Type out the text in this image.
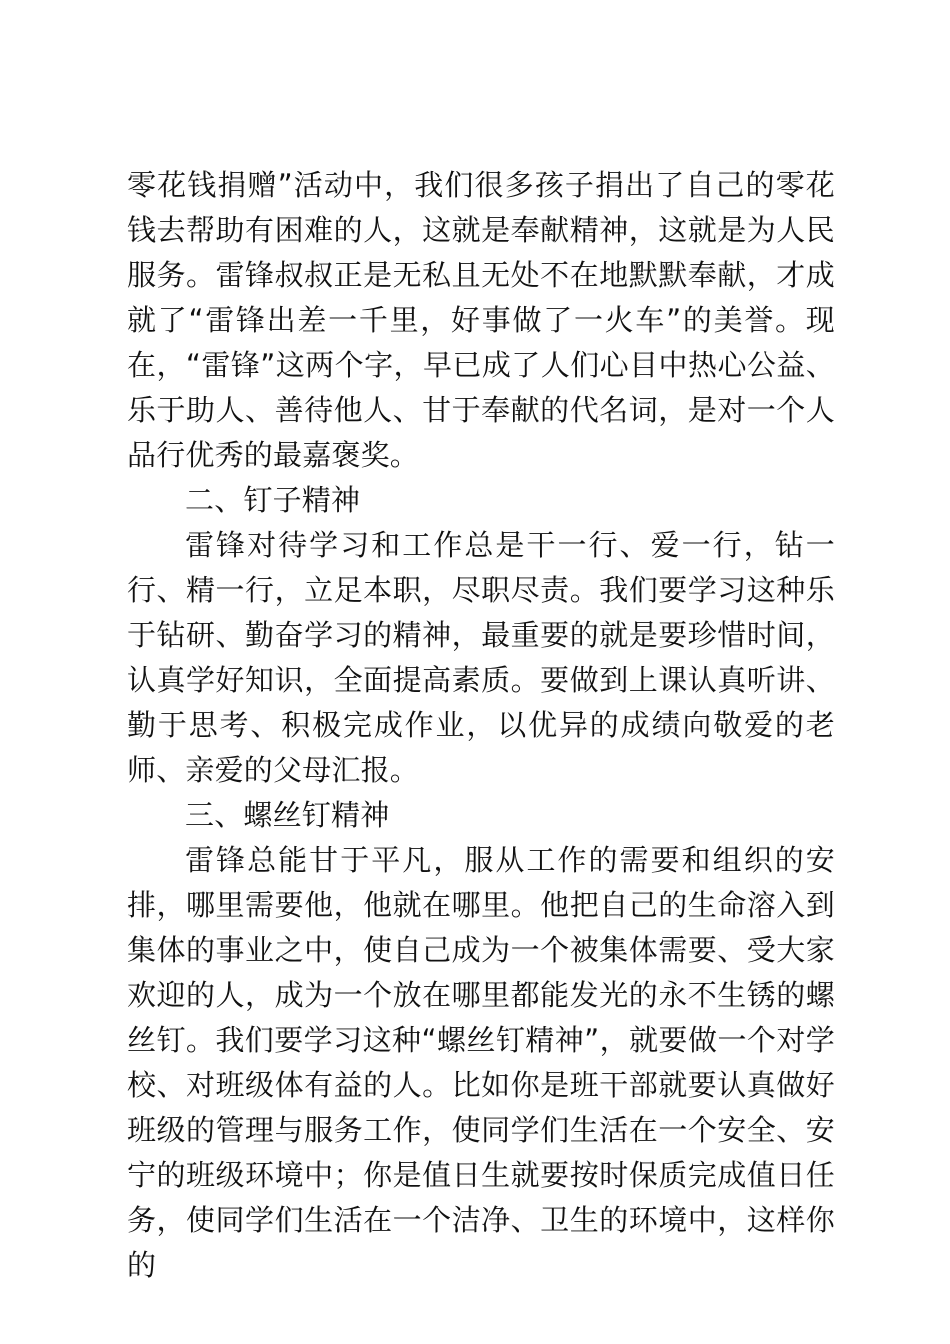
零花钱捐赠”活动中，我们很多孩子捐出了自己的零花钱去帮助有困难的人，这就是奉献精神，这就是为人民服务。雷锋叔叔正是无私且无处不在地默默奉献，才成就了“雷锋出差一千里，好事做了一火车”的美誉。现在，“雷锋”这两个字，早已成了人们心目中热心公益、乐于助人、善待他人、甘于奉献的代名词，是对一个人品行优秀的最嘉褒奖。

二、钉子精神

雷锋对待学习和工作总是干一行、爱一行，钻一行、精一行，立足本职，尽职尽责。我们要学习这种乐于钻研、勤奋学习的精神，最重要的就是要珍惜时间，认真学好知识，全面提高素质。要做到上课认真听讲、勤于思考、积极完成作业，以优异的成绩向敬爱的老师、亲爱的父母汇报。

三、螺丝钉精神

雷锋总能甘于平凡，服从工作的需要和组织的安排，哪里需要他，他就在哪里。他把自己的生命溶入到集体的事业之中，使自己成为一个被集体需要、受大家欢迎的人，成为一个放在哪里都能发光的永不生锈的螺丝钉。我们要学习这种“螺丝钉精神”，就要做一个对学校、对班级体有益的人。比如你是班干部就要认真做好班级的管理与服务工作，使同学们生活在一个安全、安宁的班级环境中；你是值日生就要按时保质完成值日任务，使同学们生活在一个洁净、卫生的环境中，这样你的
